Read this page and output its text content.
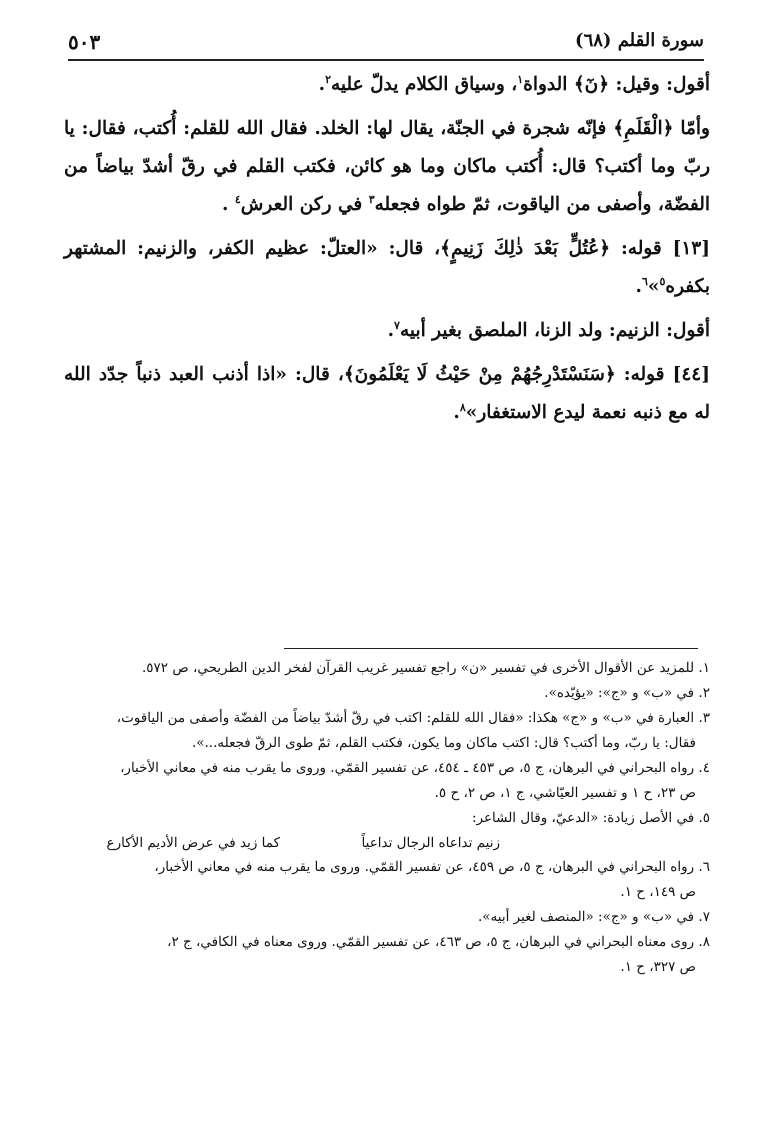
٥٠٣	سورة القلم (٦٨)

أقول: وقيل: ﴿نٓ﴾ الدواة$^١$، وسياق الكلام يدلّ عليه$^٢$.

وأمّا ﴿الْقَلَمِ﴾ فإنّه شجرة في الجنّة، يقال لها: الخلد. فقال الله للقلم: أُكتب، فقال: يا ربّ وما أكتب؟ قال: أُكتب ماكان وما هو كائن، فكتب القلم في رقّ أشدّ بياضاً من الفضّة، وأصفى من الياقوت، ثمّ طواه فجعله$^٣$ في ركن العرش$^٤$ .

[١٣] قوله: ﴿عُتُلٍّ بَعْدَ ذٰلِكَ زَنِيمٍ﴾، قال: «العتلّ: عظيم الكفر، والزنيم: المشتهر بكفره$^٥$»$^٦$.

أقول: الزنيم: ولد الزنا، الملصق بغير أبيه$^٧$.

[٤٤] قوله: ﴿سَنَسْتَدْرِجُهُمْ مِنْ حَيْثُ لَا يَعْلَمُونَ﴾، قال: «اذا أذنب العبد ذنباً جدّد الله له مع ذنبه نعمة ليدع الاستغفار»$^٨$.

١. للمزيد عن الأقوال الأخرى في تفسير «ن» راجع تفسير غريب القرآن لفخر الدين الطريحي، ص ٥٧٢.

٢. في «ب» و «ج»: «يؤيّده».

٣. العبارة في «ب» و «ج» هكذا: «فقال الله للقلم: اكتب في رقّ أشدّ بياضاً من الفضّة وأصفى من الياقوت،

فقال: يا ربّ، وما أكتب؟ قال: اكتب ماكان وما يكون، فكتب القلم، ثمّ طوى الرقّ فجعله...».

٤. رواه البحراني في البرهان، ج ٥، ص ٤٥٣ ـ ٤٥٤، عن تفسير القمّي. وروى ما يقرب منه في معاني الأخبار،

ص ٢٣، ح ١ و تفسير العيّاشي، ج ١، ص ٢، ح ٥.

٥. في الأصل زيادة: «الدعيّ، وقال الشاعر:

زنيم تداعاه الرجال تداعياً
كما زيد في عرض الأديم الأكارع

٦. رواه البحراني في البرهان، ج ٥، ص ٤٥٩، عن تفسير القمّي. وروى ما يقرب منه في معاني الأخبار،

ص ١٤٩، ح ١.

٧. في «ب» و «ج»: «المنصف لغير أبيه».

٨. روى معناه البحراني في البرهان، ج ٥، ص ٤٦٣، عن تفسير القمّي. وروى معناه في الكافي، ج ٢،

ص ٣٢٧، ح ١.
